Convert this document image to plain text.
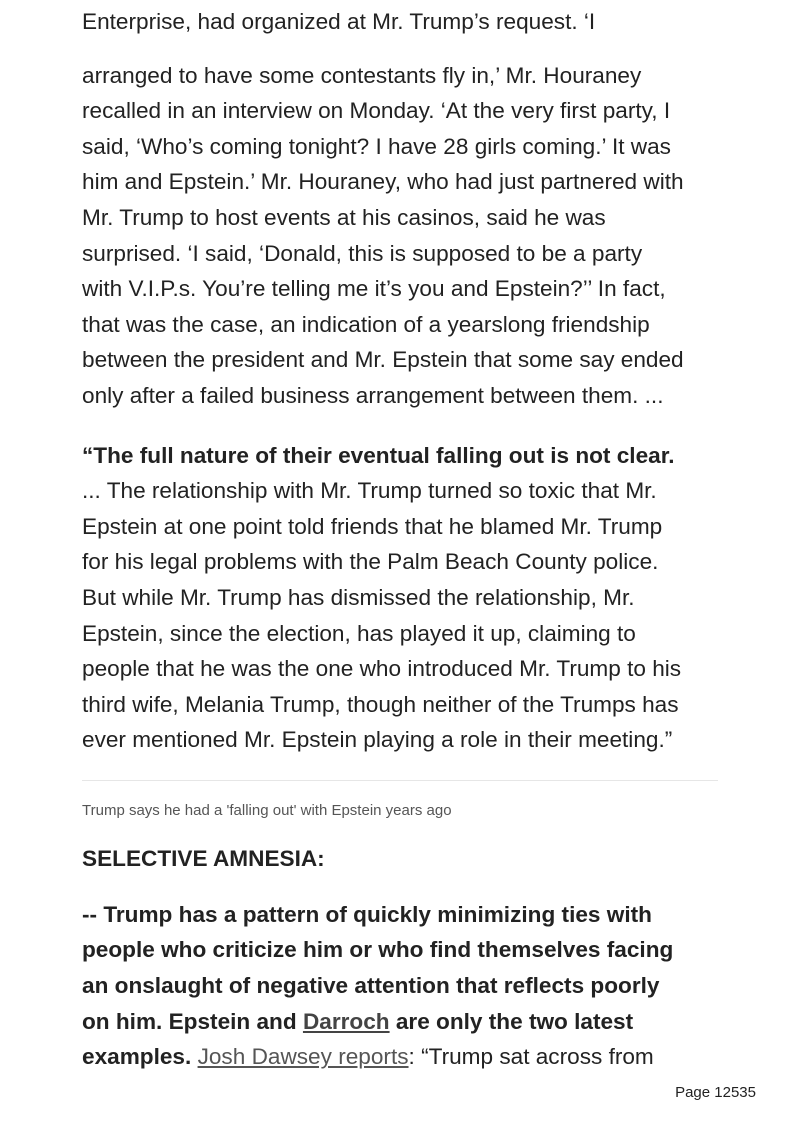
Enterprise, had organized at Mr. Trump’s request. ‘I
arranged to have some contestants fly in,’ Mr. Houraney
recalled in an interview on Monday. ‘At the very first party, I
said, ‘Who’s coming tonight? I have 28 girls coming.’ It was
him and Epstein.’ Mr. Houraney, who had just partnered with
Mr. Trump to host events at his casinos, said he was
surprised. ‘I said, ‘Donald, this is supposed to be a party
with V.I.P.s. You’re telling me it’s you and Epstein?’’ In fact,
that was the case, an indication of a yearslong friendship
between the president and Mr. Epstein that some say ended
only after a failed business arrangement between them. ...
“The full nature of their eventual falling out is not clear.
... The relationship with Mr. Trump turned so toxic that Mr.
Epstein at one point told friends that he blamed Mr. Trump
for his legal problems with the Palm Beach County police.
But while Mr. Trump has dismissed the relationship, Mr.
Epstein, since the election, has played it up, claiming to
people that he was the one who introduced Mr. Trump to his
third wife, Melania Trump, though neither of the Trumps has
ever mentioned Mr. Epstein playing a role in their meeting.”
Trump says he had a 'falling out' with Epstein years ago
SELECTIVE AMNESIA:
-- Trump has a pattern of quickly minimizing ties with
people who criticize him or who find themselves facing
an onslaught of negative attention that reflects poorly
on him. Epstein and Darroch are only the two latest
examples. Josh Dawsey reports: “Trump sat across from
Page 12535
